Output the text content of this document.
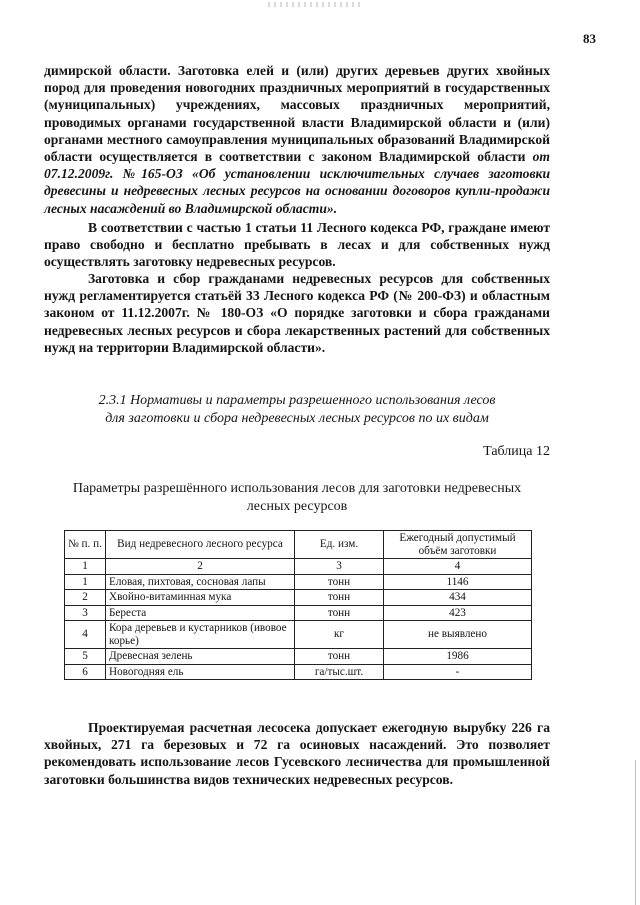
83
димирской области. Заготовка елей и (или) других деревьев других хвойных пород для проведения новогодних праздничных мероприятий в государственных (муниципальных) учреждениях, массовых праздничных мероприятий, проводимых органами государственной власти Владимирской области и (или) органами местного самоуправления муниципальных образований Владимирской области осуществляется в соответствии с законом Владимирской области от 07.12.2009г. №165-ОЗ «Об установлении исключительных случаев заготовки древесины и недревесных лесных ресурсов на основании договоров купли-продажи лесных насаждений во Владимирской области».
В соответствии с частью 1 статьи 11 Лесного кодекса РФ, граждане имеют право свободно и бесплатно пребывать в лесах и для собственных нужд осуществлять заготовку недревесных ресурсов.
Заготовка и сбор гражданами недревесных ресурсов для собственных нужд регламентируется статьёй 33 Лесного кодекса РФ (№ 200-ФЗ) и областным законом от 11.12.2007г. № 180-ОЗ «О порядке заготовки и сбора гражданами недревесных лесных ресурсов и сбора лекарственных растений для собственных нужд на территории Владимирской области».
2.3.1 Нормативы и параметры разрешенного использования лесов
для заготовки и сбора недревесных лесных ресурсов по их видам
Таблица 12
Параметры разрешённого использования лесов для заготовки недревесных
лесных ресурсов
№ п. п.	Вид недревесного лесного ресурса	Ед. изм.	Ежегодный допустимый объём заготовки
1	2	3	4
1	Еловая, пихтовая, сосновая лапы	тонн	1146
2	Хвойно-витаминная мука	тонн	434
3	Береста	тонн	423
4	Кора деревьев и кустарников (ивовое корье)	кг	не выявлено
5	Древесная зелень	тонн	1986
6	Новогодняя ель	га/тыс.шт.	-
Проектируемая расчетная лесосека допускает ежегодную вырубку 226 га хвойных, 271 га березовых и 72 га осиновых насаждений. Это позволяет рекомендовать использование лесов Гусевского лесничества для промышленной заготовки большинства видов технических недревесных ресурсов.
